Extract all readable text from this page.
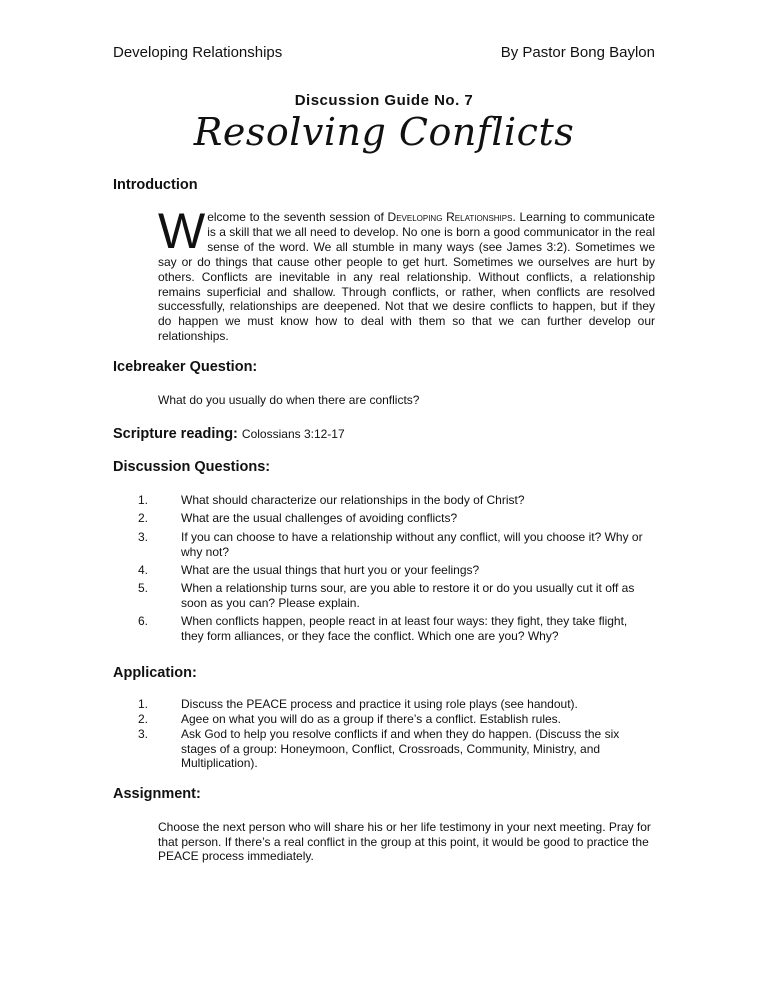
Developing Relationships	By Pastor Bong Baylon
Discussion Guide No. 7
Resolving Conflicts
Introduction
Welcome to the seventh session of Developing Relationships. Learning to communicate is a skill that we all need to develop. No one is born a good communicator in the real sense of the word. We all stumble in many ways (see James 3:2). Sometimes we say or do things that cause other people to get hurt. Sometimes we ourselves are hurt by others. Conflicts are inevitable in any real relationship. Without conflicts, a relationship remains superficial and shallow. Through conflicts, or rather, when conflicts are resolved successfully, relationships are deepened. Not that we desire conflicts to happen, but if they do happen we must know how to deal with them so that we can further develop our relationships.
Icebreaker Question:
What do you usually do when there are conflicts?
Scripture reading: Colossians 3:12-17
Discussion Questions:
1.	What should characterize our relationships in the body of Christ?
2.	What are the usual challenges of avoiding conflicts?
3.	If you can choose to have a relationship without any conflict, will you choose it? Why or why not?
4.	What are the usual things that hurt you or your feelings?
5.	When a relationship turns sour, are you able to restore it or do you usually cut it off as soon as you can? Please explain.
6.	When conflicts happen, people react in at least four ways: they fight, they take flight, they form alliances, or they face the conflict. Which one are you? Why?
Application:
1.	Discuss the PEACE process and practice it using role plays (see handout).
2.	Agee on what you will do as a group if there’s a conflict. Establish rules.
3.	Ask God to help you resolve conflicts if and when they do happen. (Discuss the six stages of a group: Honeymoon, Conflict, Crossroads, Community, Ministry, and Multiplication).
Assignment:
Choose the next person who will share his or her life testimony in your next meeting. Pray for that person. If there’s a real conflict in the group at this point, it would be good to practice the PEACE process immediately.
